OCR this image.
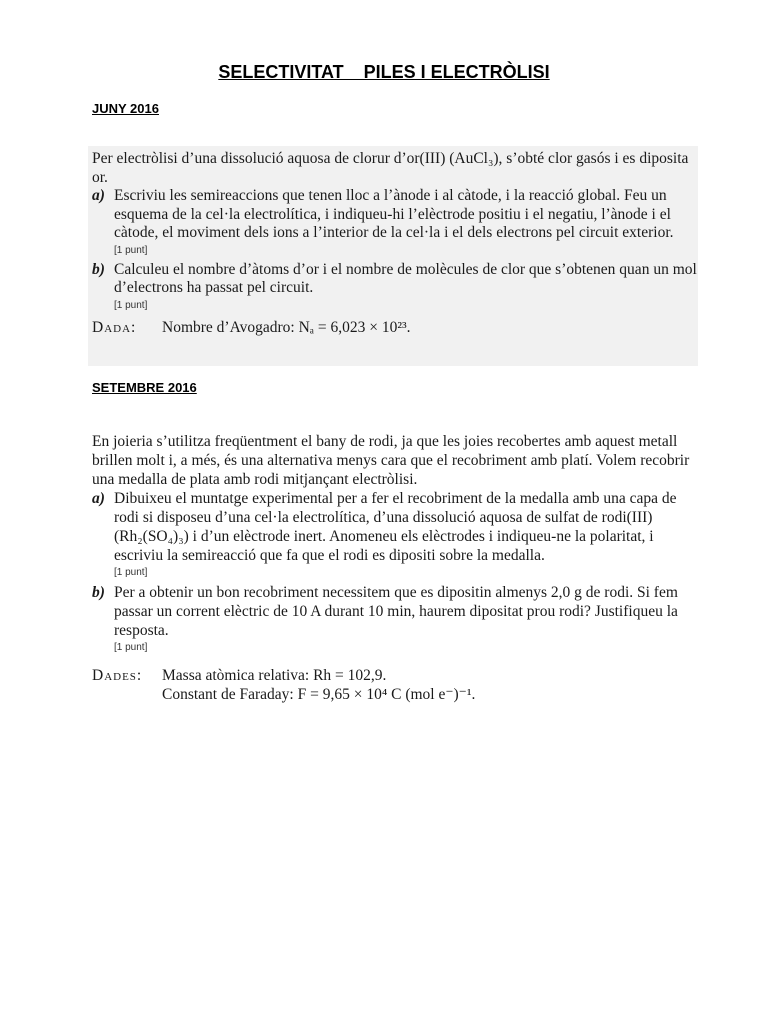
SELECTIVITAT    PILES I ELECTRÒLISI
JUNY 2016

Per electròlisi d’una dissolució aquosa de clorur d’or(III) (AuCl₃), s’obté clor gasós i es diposita or.

a) Escriviu les semireaccions que tenen lloc a l’ànode i al càtode, i la reacció global. Feu un esquema de la cel·la electrolítica, i indiqueu-hi l’elèctrode positiu i el negatiu, l’ànode i el càtode, el moviment dels ions a l’interior de la cel·la i el dels electrons pel circuit exterior.
[1 punt]
b) Calculeu el nombre d’àtoms d’or i el nombre de molècules de clor que s’obtenen quan un mol d’electrons ha passat pel circuit.
[1 punt]
Dada:	Nombre d’Avogadro: Nₐ = 6,023 × 10²³.
SETEMBRE 2016

En joieria s’utilitza freqüentment el bany de rodi, ja que les joies recobertes amb aquest metall brillen molt i, a més, és una alternativa menys cara que el recobriment amb platí. Volem recobrir una medalla de plata amb rodi mitjançant electròlisi.

a) Dibuixeu el muntatge experimental per a fer el recobriment de la medalla amb una capa de rodi si disposeu d’una cel·la electrolítica, d’una dissolució aquosa de sulfat de rodi(III) (Rh₂(SO₄)₃) i d’un elèctrode inert. Anomeneu els elèctrodes i indiqueu-ne la polaritat, i escriviu la semireacció que fa que el rodi es dipositi sobre la medalla.
[1 punt]
b) Per a obtenir un bon recobriment necessitem que es dipositin almenys 2,0 g de rodi. Si fem passar un corrent elèctric de 10 A durant 10 min, haurem dipositat prou rodi? Justifiqueu la resposta.
[1 punt]
Dades:	Massa atòmica relativa: Rh = 102,9.
Constant de Faraday: F = 9,65 × 10⁴ C (mol e⁻)⁻¹.
